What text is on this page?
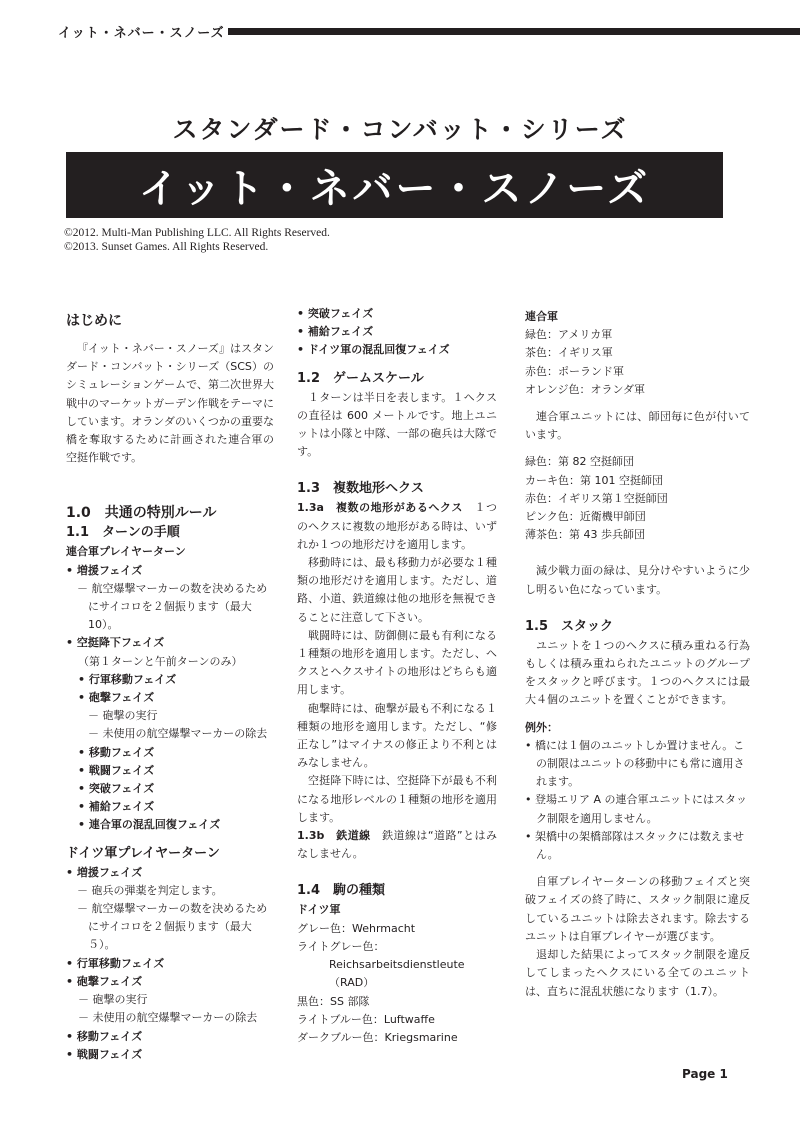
イット・ネバー・スノーズ
スタンダード・コンバット・シリーズ
イット・ネバー・スノーズ
©2012. Multi-Man Publishing LLC. All Rights Reserved.
©2013. Sunset Games. All Rights Reserved.
はじめに

『イット・ネバー・スノーズ』はスタンダード・コンバット・シリーズ（SCS）のシミュレーションゲームで、第二次世界大戦中のマーケットガーデン作戦をテーマにしています。オランダのいくつかの重要な橋を奪取するために計画された連合軍の空挺作戦です。

1.0　共通の特別ルール
1.1　ターンの手順
連合軍プレイヤーターン
• 増援フェイズ
－ 航空爆撃マーカーの数を決めるためにサイコロを２個振ります（最大 10）。
• 空挺降下フェイズ
（第１ターンと午前ターンのみ）
• 行軍移動フェイズ
• 砲撃フェイズ
－ 砲撃の実行
－ 未使用の航空爆撃マーカーの除去
• 移動フェイズ
• 戦闘フェイズ
• 突破フェイズ
• 補給フェイズ
• 連合軍の混乱回復フェイズ
ドイツ軍プレイヤーターン
• 増援フェイズ
－ 砲兵の弾薬を判定します。
－ 航空爆撃マーカーの数を決めるためにサイコロを２個振ります（最大５）。
• 行軍移動フェイズ
• 砲撃フェイズ
－ 砲撃の実行
－ 未使用の航空爆撃マーカーの除去
• 移動フェイズ
• 戦闘フェイズ
• 突破フェイズ
• 補給フェイズ
• ドイツ軍の混乱回復フェイズ
1.2　ゲームスケール

１ターンは半日を表します。１ヘクスの直径は 600 メートルです。地上ユニットは小隊と中隊、一部の砲兵は大隊です。

1.3　複数地形ヘクス

1.3a　複数の地形があるヘクス　 １つのヘクスに複数の地形がある時は、いずれか１つの地形だけを適用します。

移動時には、最も移動力が必要な１種類の地形だけを適用します。ただし、道路、小道、鉄道線は他の地形を無視できることに注意して下さい。

戦闘時には、防御側に最も有利になる１種類の地形を適用します。ただし、ヘクスとヘクスサイトの地形はどちらも適用します。

砲撃時には、砲撃が最も不利になる１種類の地形を適用します。ただし、“修正なし”はマイナスの修正より不利とはみなしません。

空挺降下時には、空挺降下が最も不利になる地形レベルの１種類の地形を適用します。

1.3b　鉄道線　 鉄道線は“道路”とはみなしません。

1.4　駒の種類
ドイツ軍
グレー色：Wehrmacht
ライトグレー色：
Reichsarbeitsdienstleute（RAD）
黒色：SS 部隊
ライトブルー色：Luftwaffe
ダークブルー色：Kriegsmarine
連合軍
緑色：アメリカ軍
茶色：イギリス軍
赤色：ポーランド軍
オレンジ色：オランダ軍

連合軍ユニットには、師団毎に色が付いています。

緑色：第 82 空挺師団
カーキ色：第 101 空挺師団
赤色：イギリス第１空挺師団
ピンク色：近衛機甲師団
薄茶色：第 43 歩兵師団

減少戦力面の緑は、見分けやすいように少し明るい色になっています。

1.5　スタック

ユニットを１つのヘクスに積み重ねる行為もしくは積み重ねられたユニットのグループをスタックと呼びます。１つのヘクスには最大４個のユニットを置くことができます。

例外：
• 橋には１個のユニットしか置けません。この制限はユニットの移動中にも常に適用されます。
• 登場エリア A の連合軍ユニットにはスタック制限を適用しません。
• 架橋中の架橋部隊はスタックには数えません。

自軍プレイヤーターンの移動フェイズと突破フェイズの終了時に、スタック制限に違反しているユニットは除去されます。除去するユニットは自軍プレイヤーが選びます。

退却した結果によってスタック制限を違反してしまったヘクスにいる全てのユニットは、直ちに混乱状態になります（1.7）。

Page 1
